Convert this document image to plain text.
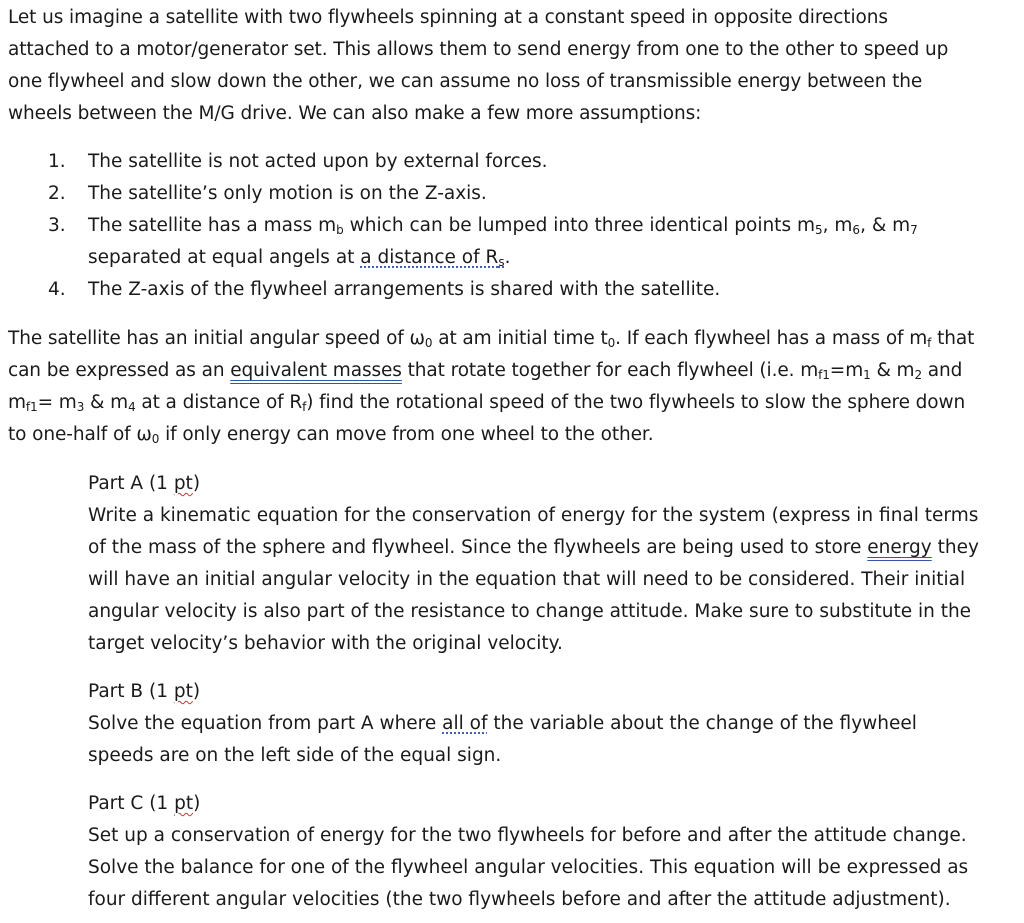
Let us imagine a satellite with two flywheels spinning at a constant speed in opposite directions
attached to a motor/generator set. This allows them to send energy from one to the other to speed up
one flywheel and slow down the other, we can assume no loss of transmissible energy between the
wheels between the M/G drive. We can also make a few more assumptions:
1. The satellite is not acted upon by external forces.
2. The satellite’s only motion is on the Z-axis.
3. The satellite has a mass $m_b$ which can be lumped into three identical points $m_5$, $m_6$, & $m_7$
separated at equal angels at a distance of $R_s$.
4. The Z-axis of the flywheel arrangements is shared with the satellite.
The satellite has an initial angular speed of $\omega_0$ at am initial time $t_0$. If each flywheel has a mass of $m_f$ that
can be expressed as an equivalent masses that rotate together for each flywheel (i.e. $m_{f1}=m_1$ & $m_2$ and
$m_{f1}= m_3$ & $m_4$ at a distance of $R_f$) find the rotational speed of the two flywheels to slow the sphere down
to one-half of $\omega_0$ if only energy can move from one wheel to the other.
Part A (1 pt)
Write a kinematic equation for the conservation of energy for the system (express in final terms
of the mass of the sphere and flywheel. Since the flywheels are being used to store energy they
will have an initial angular velocity in the equation that will need to be considered. Their initial
angular velocity is also part of the resistance to change attitude. Make sure to substitute in the
target velocity’s behavior with the original velocity.
Part B (1 pt)
Solve the equation from part A where all of the variable about the change of the flywheel
speeds are on the left side of the equal sign.
Part C (1 pt)
Set up a conservation of energy for the two flywheels for before and after the attitude change.
Solve the balance for one of the flywheel angular velocities. This equation will be expressed as
four different angular velocities (the two flywheels before and after the attitude adjustment).
